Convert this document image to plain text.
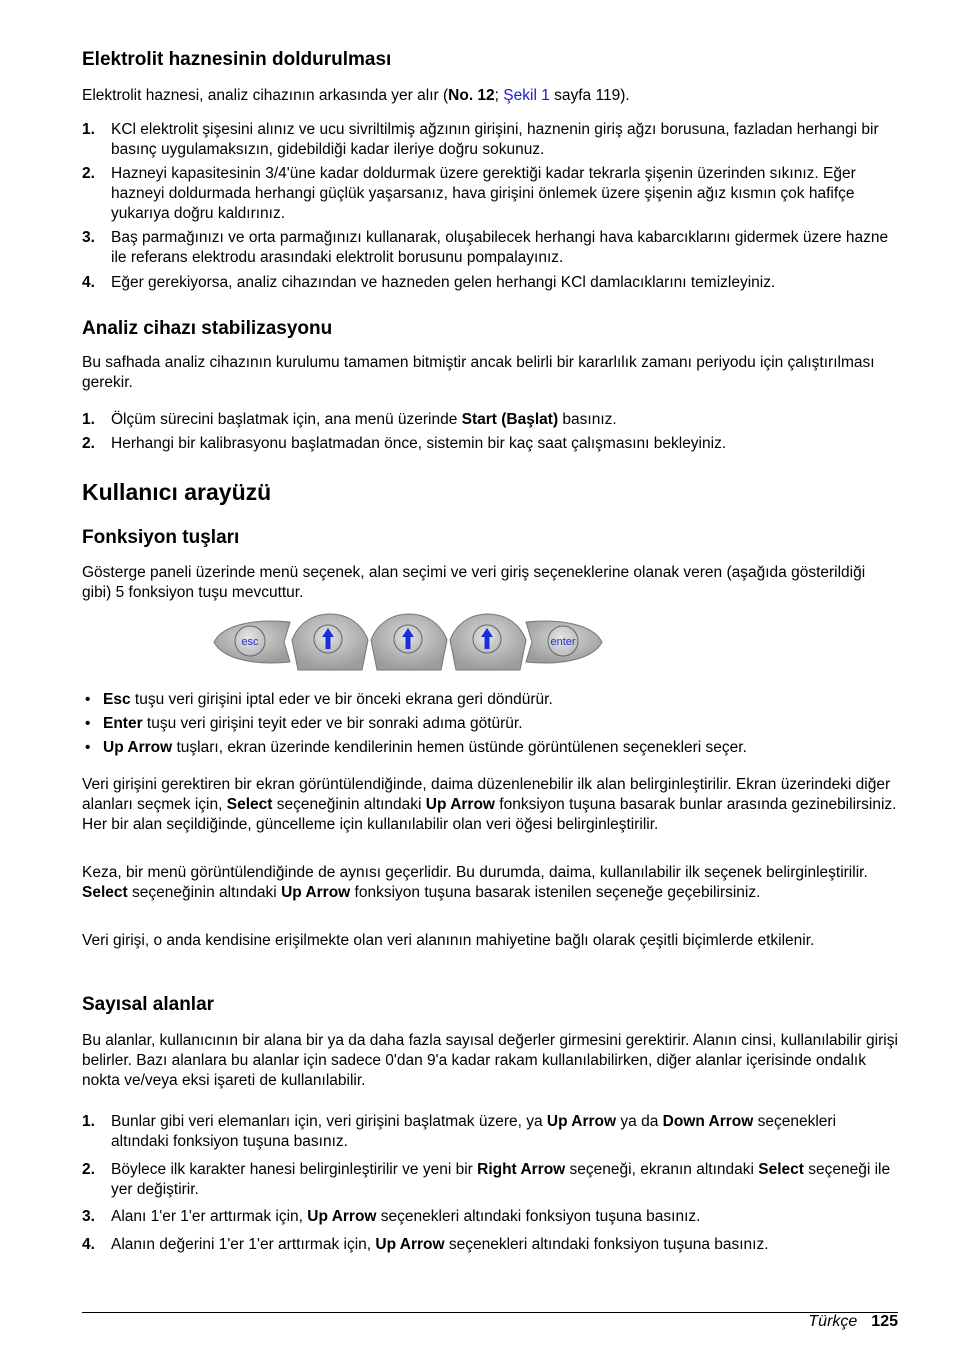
Elektrolit haznesinin doldurulması

Elektrolit haznesi, analiz cihazının arkasında yer alır (No. 12; Şekil 1 sayfa 119).

1. KCl elektrolit şişesini alınız ve ucu sivriltilmiş ağzının girişini, haznenin giriş ağzı borusuna, fazladan herhangi bir basınç uygulamaksızın, gidebildiği kadar ileriye doğru sokunuz.
2. Hazneyi kapasitesinin 3/4'üne kadar doldurmak üzere gerektiği kadar tekrarla şişenin üzerinden sıkınız. Eğer hazneyi doldurmada herhangi güçlük yaşarsanız, hava girişini önlemek üzere şişenin ağız kısmın çok hafifçe yukarıya doğru kaldırınız.
3. Baş parmağınızı ve orta parmağınızı kullanarak, oluşabilecek herhangi hava kabarcıklarını gidermek üzere hazne ile referans elektrodu arasındaki elektrolit borusunu pompalayınız.
4. Eğer gerekiyorsa, analiz cihazından ve hazneden gelen herhangi KCl damlacıklarını temizleyiniz.
Analiz cihazı stabilizasyonu

Bu safhada analiz cihazının kurulumu tamamen bitmiştir ancak belirli bir kararlılık zamanı periyodu için çalıştırılması gerekir.

1. Ölçüm sürecini başlatmak için, ana menü üzerinde Start (Başlat) basınız.
2. Herhangi bir kalibrasyonu başlatmadan önce, sistemin bir kaç saat çalışmasını bekleyiniz.
Kullanıcı arayüzü
Fonksiyon tuşları

Gösterge paneli üzerinde menü seçenek, alan seçimi ve veri giriş seçeneklerine olanak veren (aşağıda gösterildiği gibi) 5 fonksiyon tuşu mevcuttur.

• Esc tuşu veri girişini iptal eder ve bir önceki ekrana geri döndürür.
• Enter tuşu veri girişini teyit eder ve bir sonraki adıma götürür.
• Up Arrow tuşları, ekran üzerinde kendilerinin hemen üstünde görüntülenen seçenekleri seçer.

Veri girişini gerektiren bir ekran görüntülendiğinde, daima düzenlenebilir ilk alan belirginleştirilir. Ekran üzerindeki diğer alanları seçmek için, Select seçeneğinin altındaki Up Arrow fonksiyon tuşuna basarak bunlar arasında gezinebilirsiniz. Her bir alan seçildiğinde, güncelleme için kullanılabilir olan veri öğesi belirginleştirilir.

Keza, bir menü görüntülendiğinde de aynısı geçerlidir. Bu durumda, daima, kullanılabilir ilk seçenek belirginleştirilir. Select seçeneğinin altındaki Up Arrow fonksiyon tuşuna basarak istenilen seçeneğe geçebilirsiniz.

Veri girişi, o anda kendisine erişilmekte olan veri alanının mahiyetine bağlı olarak çeşitli biçimlerde etkilenir.

Sayısal alanlar

Bu alanlar, kullanıcının bir alana bir ya da daha fazla sayısal değerler girmesini gerektirir. Alanın cinsi, kullanılabilir girişi belirler. Bazı alanlara bu alanlar için sadece 0'dan 9'a kadar rakam kullanılabilirken, diğer alanlar içerisinde ondalık nokta ve/veya eksi işareti de kullanılabilir.

1. Bunlar gibi veri elemanları için, veri girişini başlatmak üzere, ya Up Arrow ya da Down Arrow seçenekleri altındaki fonksiyon tuşuna basınız.
2. Böylece ilk karakter hanesi belirginleştirilir ve yeni bir Right Arrow seçeneği, ekranın altındaki Select seçeneği ile yer değiştirir.
3. Alanı 1'er 1'er arttırmak için, Up Arrow seçenekleri altındaki fonksiyon tuşuna basınız.
4. Alanın değerini 1'er 1'er arttırmak için, Up Arrow seçenekleri altındaki fonksiyon tuşuna basınız.
esc	enter
Türkçe 125
